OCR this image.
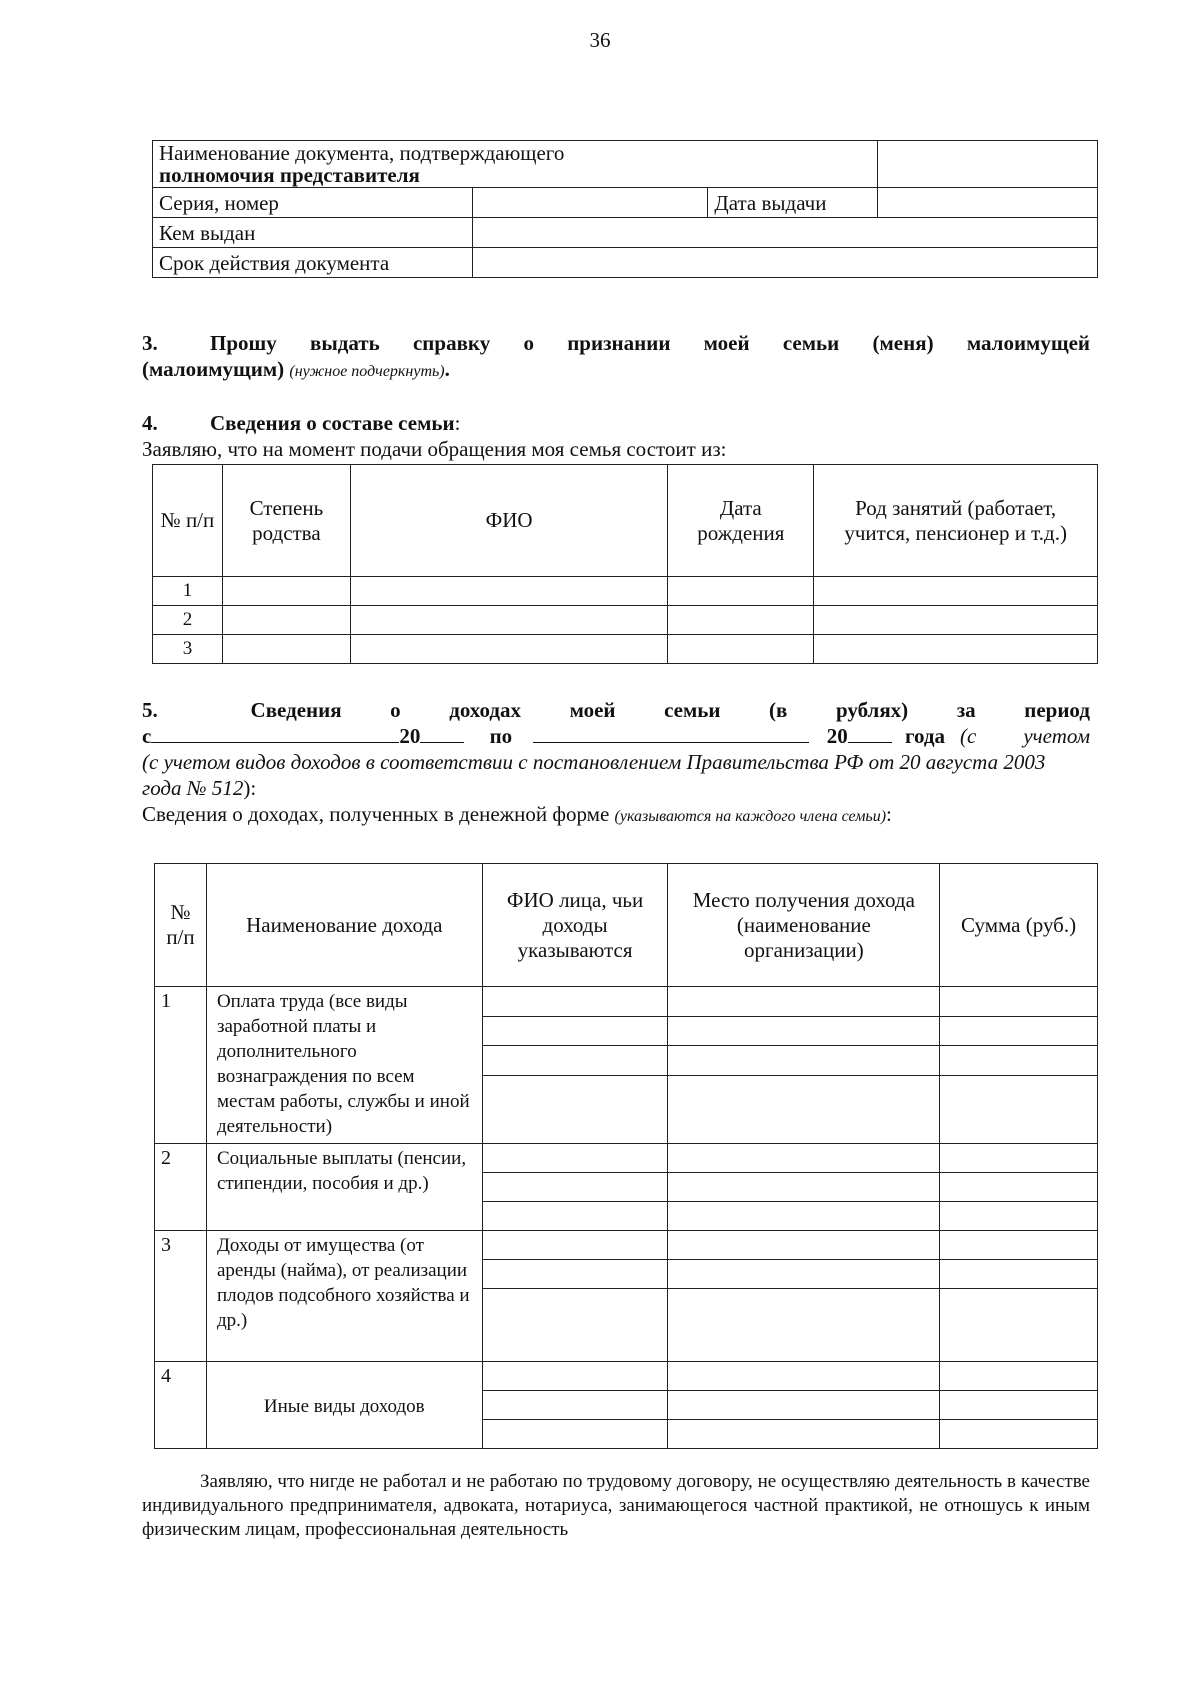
36
Наименование документа, подтверждающего
полномочия представителя			
Серия, номер		Дата выдачи	
Кем выдан			
Срок действия документа			
3. Прошу выдать справку о признании моей семьи (меня) малоимущей
(малоимущим) (нужное подчеркнуть).
4. Сведения о составе семьи:
Заявляю, что на момент подачи обращения моя семья состоит из:
№ п/п	Степень родства	ФИО	Дата рождения	Род занятий (работает, учится, пенсионер и т.д.)
1				
2				
3				
5.	Сведения о доходах моей семьи (в рублях) за период
с	20	по	20	года (с учетом
(с учетом видов доходов в соответствии с постановлением Правительства РФ от 20 августа 2003 года № 512):
Сведения о доходах, полученных в денежной форме (указываются на каждого члена семьи):
№ п/п	Наименование дохода	ФИО лица, чьи доходы указываются	Место получения дохода (наименование организации)	Сумма (руб.)
1	Оплата труда (все виды заработной платы и дополнительного вознаграждения по всем местам работы, службы и иной деятельности)			

2	Социальные выплаты (пенсии, стипендии, пособия и др.)			

3	Доходы от имущества (от аренды (найма), от реализации плодов подсобного хозяйства и др.)			

4	Иные виды доходов			

Заявляю, что нигде не работал и не работаю по трудовому договору, не осуществляю деятельность в качестве индивидуального предпринимателя, адвоката, нотариуса, занимающегося частной практикой, не отношусь к иным физическим лицам, профессиональная деятельность
